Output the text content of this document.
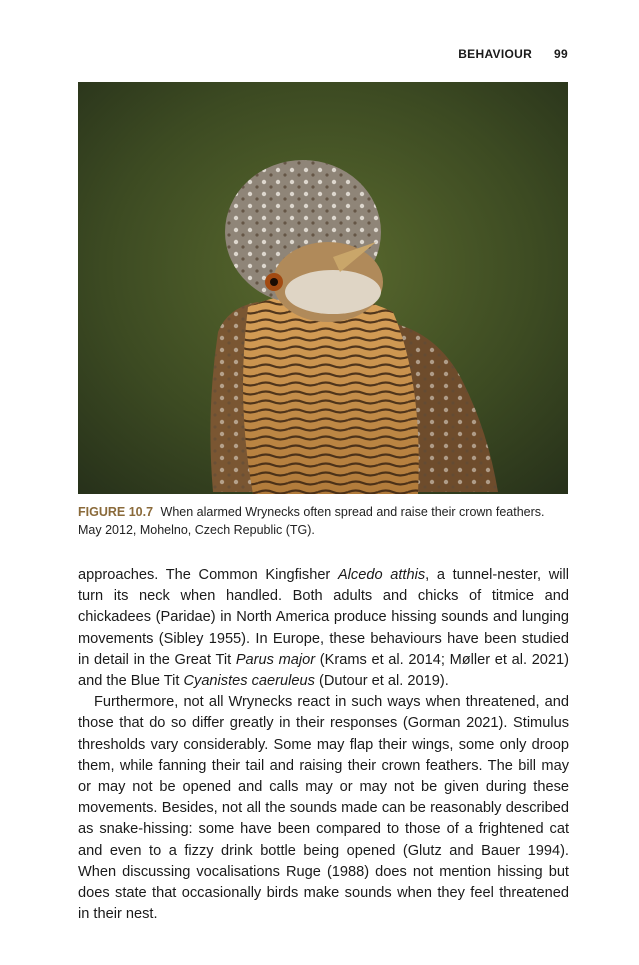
BEHAVIOUR 99
FIGURE 10.7 When alarmed Wrynecks often spread and raise their crown feathers. May 2012, Mohelno, Czech Republic (TG).

approaches. The Common Kingfisher Alcedo atthis, a tunnel-nester, will turn its neck when handled. Both adults and chicks of titmice and chickadees (Paridae) in North America produce hissing sounds and lunging movements (Sibley 1955). In Europe, these behaviours have been studied in detail in the Great Tit Parus major (Krams et al. 2014; Møller et al. 2021) and the Blue Tit Cyanistes caeruleus (Dutour et al. 2019).

Furthermore, not all Wrynecks react in such ways when threatened, and those that do so differ greatly in their responses (Gorman 2021). Stimulus thresholds vary considerably. Some may flap their wings, some only droop them, while fanning their tail and raising their crown feathers. The bill may or may not be opened and calls may or may not be given during these movements. Besides, not all the sounds made can be reasonably described as snake-hissing: some have been compared to those of a frightened cat and even to a fizzy drink bottle being opened (Glutz and Bauer 1994). When discussing vocalisations Ruge (1988) does not mention hissing but does state that occasionally birds make sounds when they feel threatened in their nest.
